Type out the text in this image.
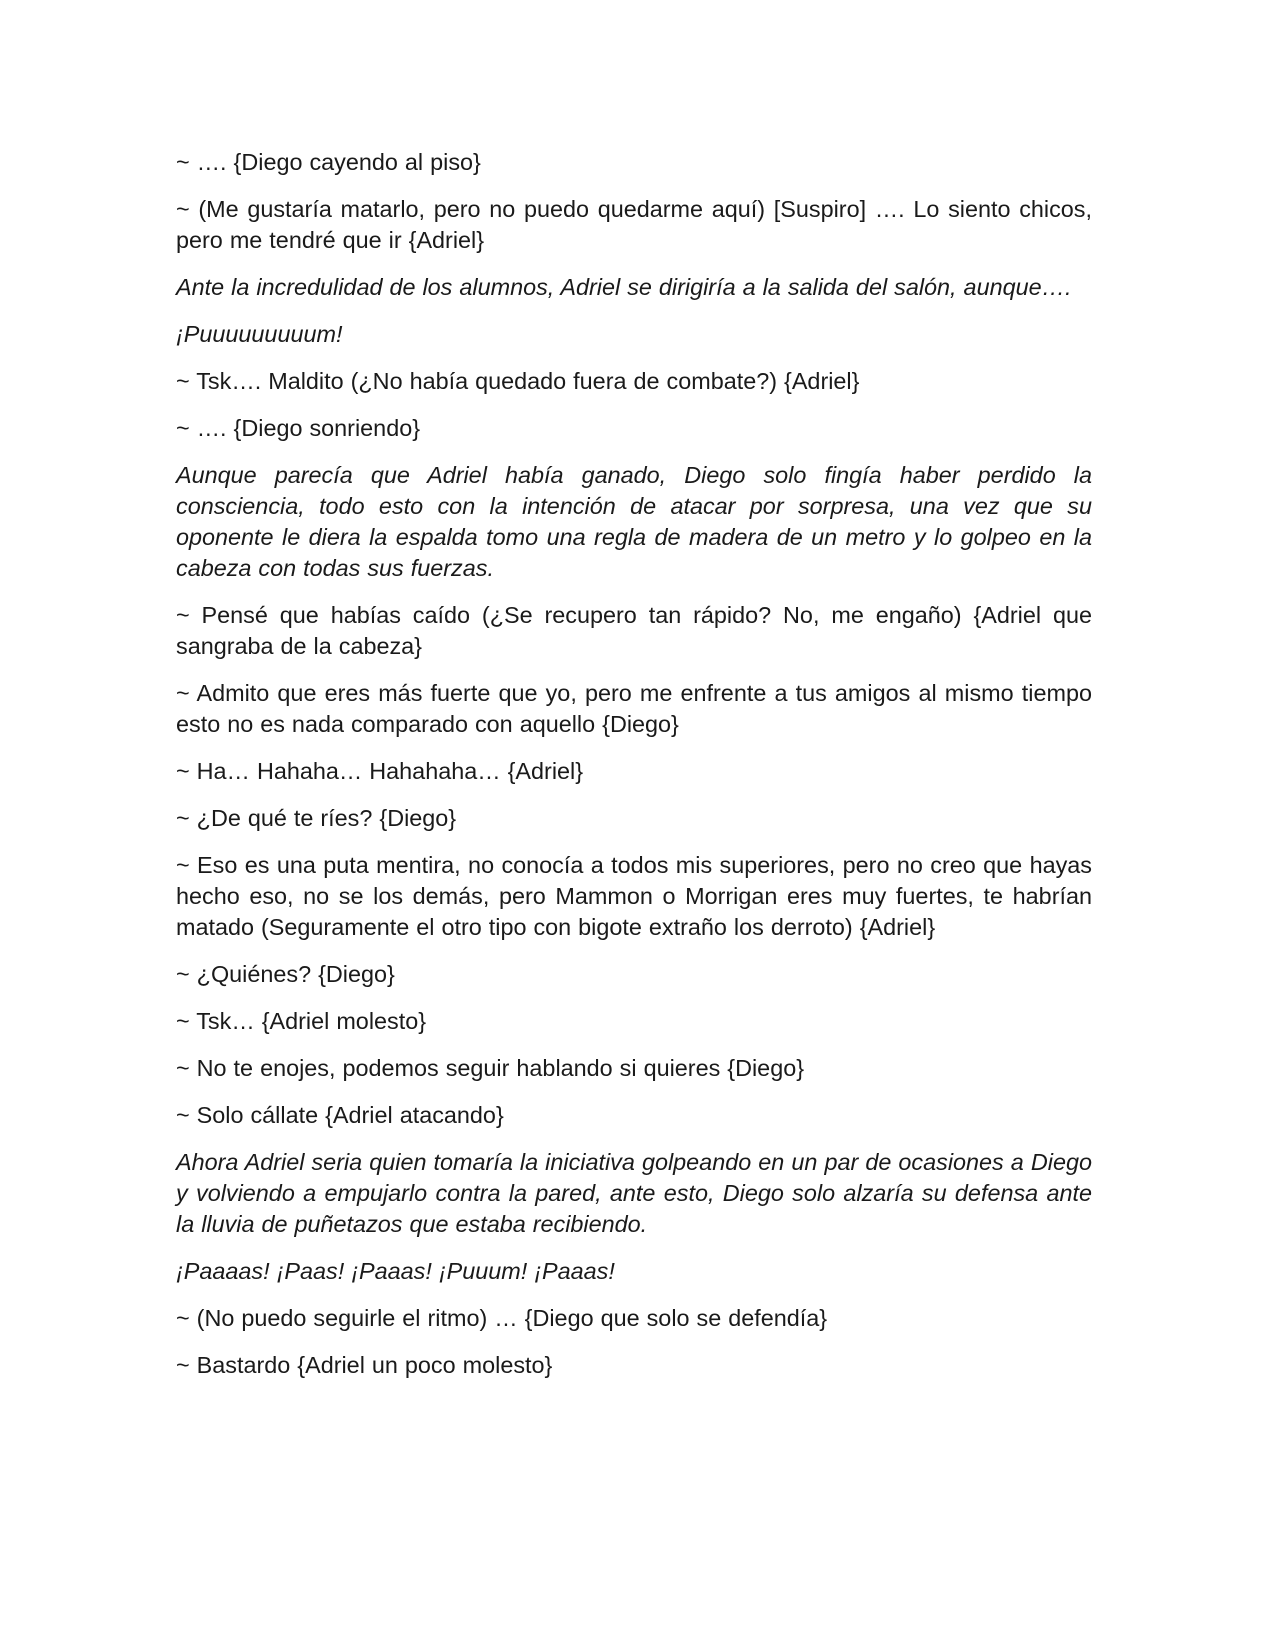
~ …. {Diego cayendo al piso}

~ (Me gustaría matarlo, pero no puedo quedarme aquí) [Suspiro] …. Lo siento chicos, pero me tendré que ir {Adriel}

Ante la incredulidad de los alumnos, Adriel se dirigiría a la salida del salón, aunque….

¡Puuuuuuuuum!

~ Tsk…. Maldito (¿No había quedado fuera de combate?) {Adriel}

~ …. {Diego sonriendo}

Aunque parecía que Adriel había ganado, Diego solo fingía haber perdido la consciencia, todo esto con la intención de atacar por sorpresa, una vez que su oponente le diera la espalda tomo una regla de madera de un metro y lo golpeo en la cabeza con todas sus fuerzas.

~ Pensé que habías caído (¿Se recupero tan rápido? No, me engaño) {Adriel que sangraba de la cabeza}

~ Admito que eres más fuerte que yo, pero me enfrente a tus amigos al mismo tiempo esto no es nada comparado con aquello {Diego}

~ Ha… Hahaha… Hahahaha… {Adriel}

~ ¿De qué te ríes? {Diego}

~ Eso es una puta mentira, no conocía a todos mis superiores, pero no creo que hayas hecho eso, no se los demás, pero Mammon o Morrigan eres muy fuertes, te habrían matado (Seguramente el otro tipo con bigote extraño los derroto) {Adriel}

~ ¿Quiénes? {Diego}

~ Tsk… {Adriel molesto}

~ No te enojes, podemos seguir hablando si quieres {Diego}

~ Solo cállate {Adriel atacando}

Ahora Adriel seria quien tomaría la iniciativa golpeando en un par de ocasiones a Diego y volviendo a empujarlo contra la pared, ante esto, Diego solo alzaría su defensa ante la lluvia de puñetazos que estaba recibiendo.

¡Paaaas! ¡Paas! ¡Paaas! ¡Puuum! ¡Paaas!

~ (No puedo seguirle el ritmo) … {Diego que solo se defendía}

~ Bastardo {Adriel un poco molesto}
